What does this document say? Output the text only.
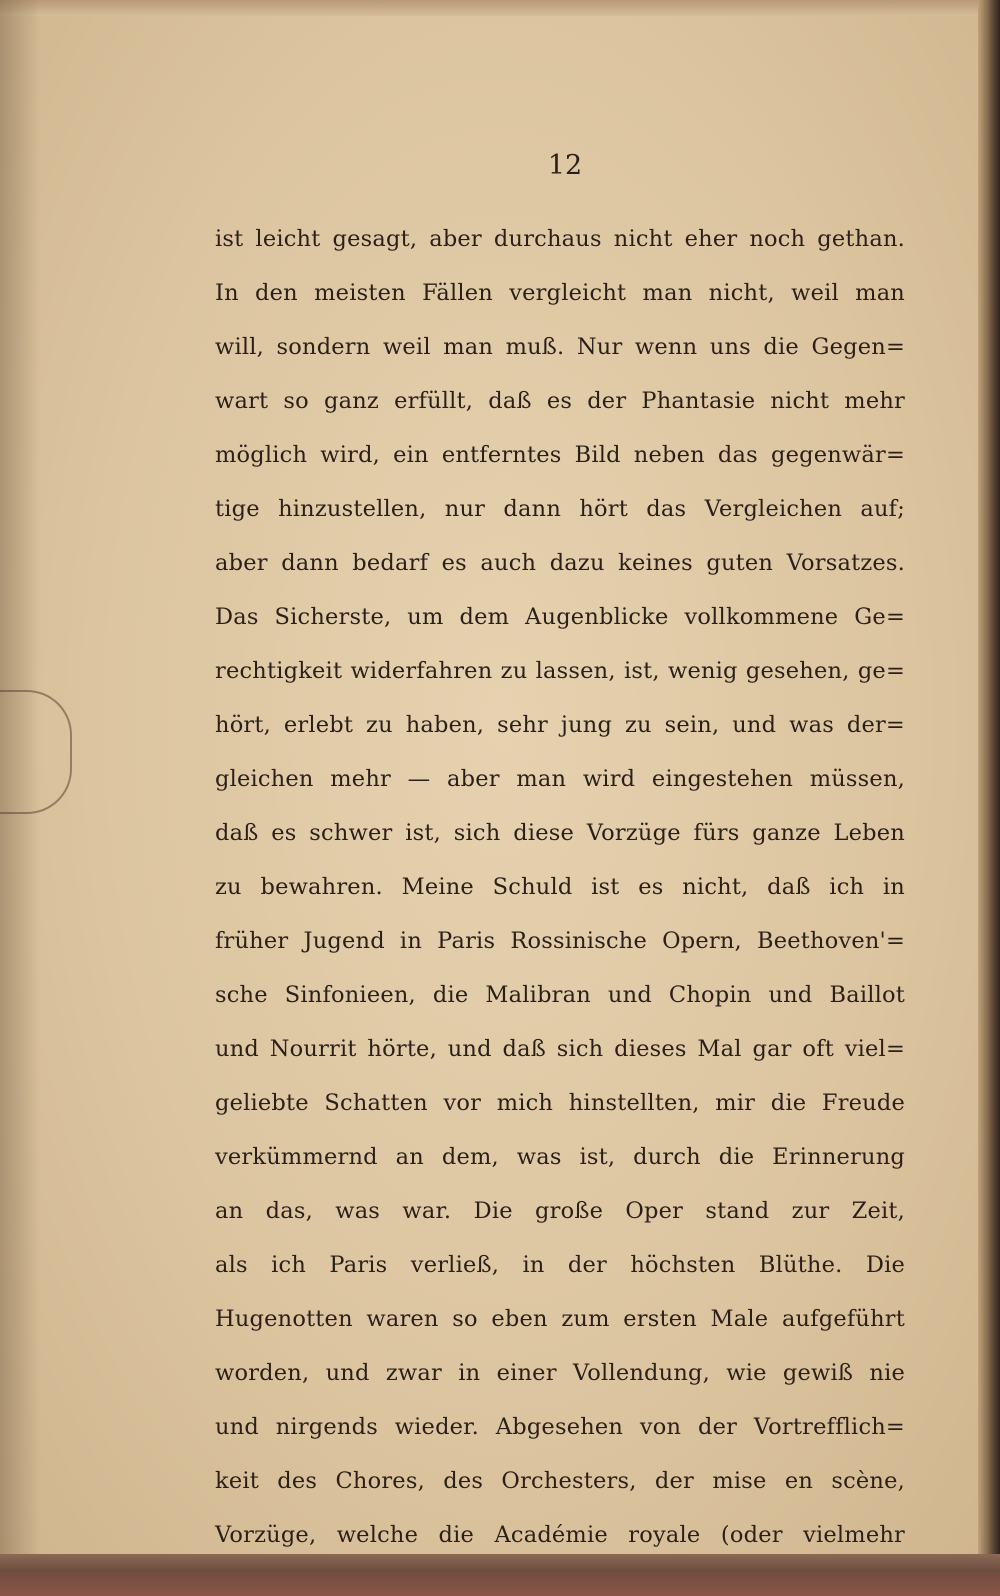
12
ist leicht gesagt, aber durchaus nicht eher noch gethan.
In den meisten Fällen vergleicht man nicht, weil man
will, sondern weil man muß. Nur wenn uns die Gegen=
wart so ganz erfüllt, daß es der Phantasie nicht mehr
möglich wird, ein entferntes Bild neben das gegenwär=
tige hinzustellen, nur dann hört das Vergleichen auf;
aber dann bedarf es auch dazu keines guten Vorsatzes.
Das Sicherste, um dem Augenblicke vollkommene Ge=
rechtigkeit widerfahren zu lassen, ist, wenig gesehen, ge=
hört, erlebt zu haben, sehr jung zu sein, und was der=
gleichen mehr — aber man wird eingestehen müssen,
daß es schwer ist, sich diese Vorzüge fürs ganze Leben
zu bewahren. Meine Schuld ist es nicht, daß ich in
früher Jugend in Paris Rossinische Opern, Beethoven'=
sche Sinfonieen, die Malibran und Chopin und Baillot
und Nourrit hörte, und daß sich dieses Mal gar oft viel=
geliebte Schatten vor mich hinstellten, mir die Freude
verkümmernd an dem, was ist, durch die Erinnerung
an das, was war. Die große Oper stand zur Zeit,
als ich Paris verließ, in der höchsten Blüthe. Die
Hugenotten waren so eben zum ersten Male aufgeführt
worden, und zwar in einer Vollendung, wie gewiß nie
und nirgends wieder. Abgesehen von der Vortrefflich=
keit des Chores, des Orchesters, der mise en scène,
Vorzüge, welche die Académie royale (oder vielmehr
